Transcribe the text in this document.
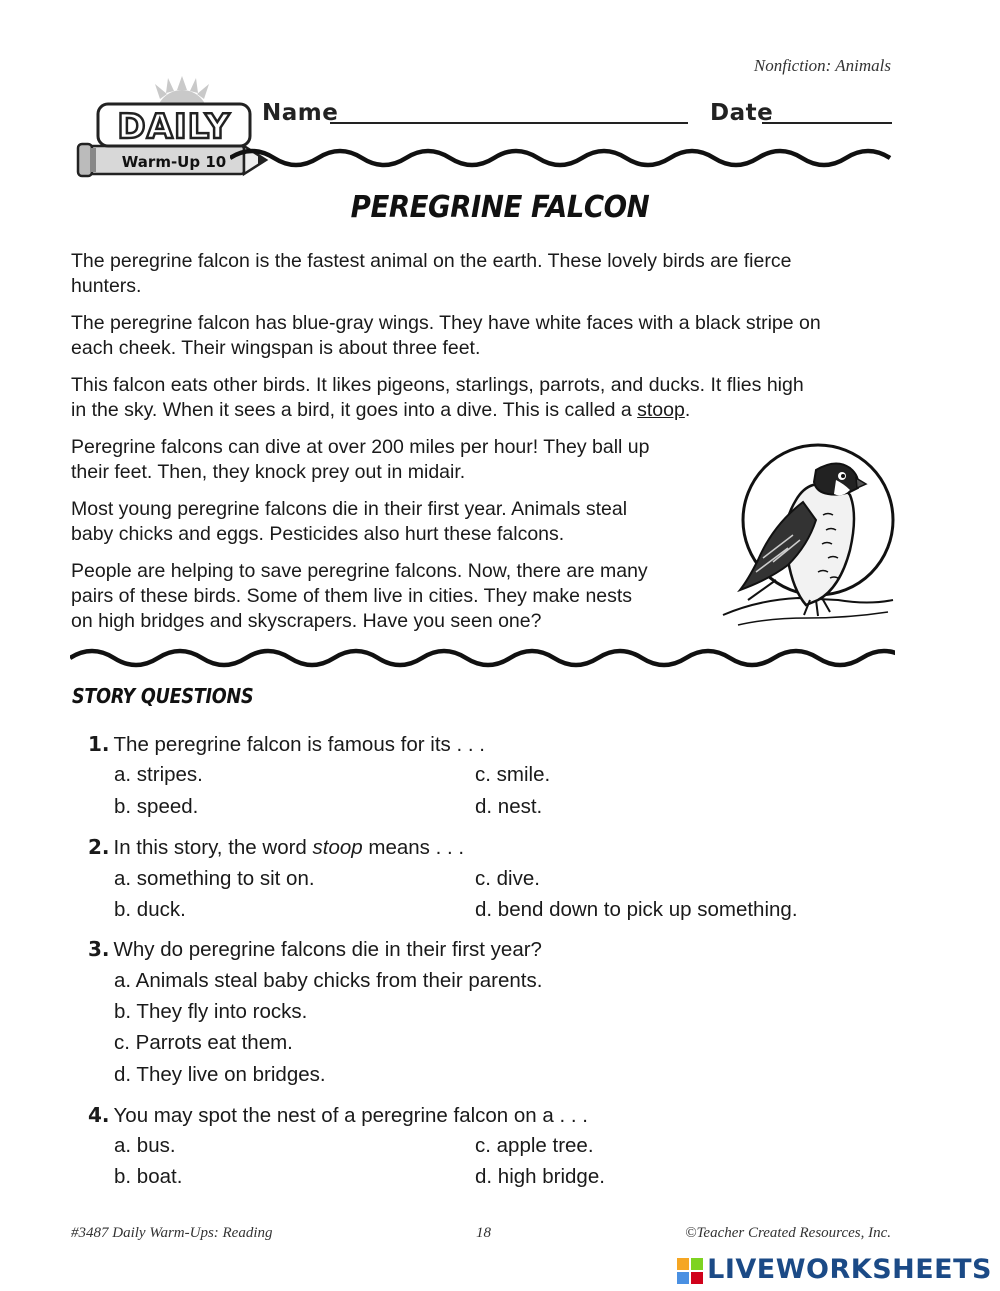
Nonfiction: Animals
DAILY
Warm-Up 10
Name	Date
PEREGRINE FALCON
The peregrine falcon is the fastest animal on the earth. These lovely birds are fierce
hunters.
The peregrine falcon has blue-gray wings. They have white faces with a black stripe on
each cheek. Their wingspan is about three feet.
This falcon eats other birds. It likes pigeons, starlings, parrots, and ducks. It flies high
in the sky. When it sees a bird, it goes into a dive. This is called a stoop.
Peregrine falcons can dive at over 200 miles per hour! They ball up
their feet. Then, they knock prey out in midair.
Most young peregrine falcons die in their first year. Animals steal
baby chicks and eggs. Pesticides also hurt these falcons.
People are helping to save peregrine falcons. Now, there are many
pairs of these birds. Some of them live in cities. They make nests
on high bridges and skyscrapers. Have you seen one?
STORY QUESTIONS
1. The peregrine falcon is famous for its . . .
a. stripes.	c. smile.
b. speed.	d. nest.
2. In this story, the word stoop means . . .
a. something to sit on.	c. dive.
b. duck.	d. bend down to pick up something.
3. Why do peregrine falcons die in their first year?
a. Animals steal baby chicks from their parents.
b. They fly into rocks.
c. Parrots eat them.
d. They live on bridges.
4. You may spot the nest of a peregrine falcon on a . . .
a. bus.	c. apple tree.
b. boat.	d. high bridge.
#3487 Daily Warm-Ups: Reading	18	©Teacher Created Resources, Inc.
LIVEWORKSHEETS
